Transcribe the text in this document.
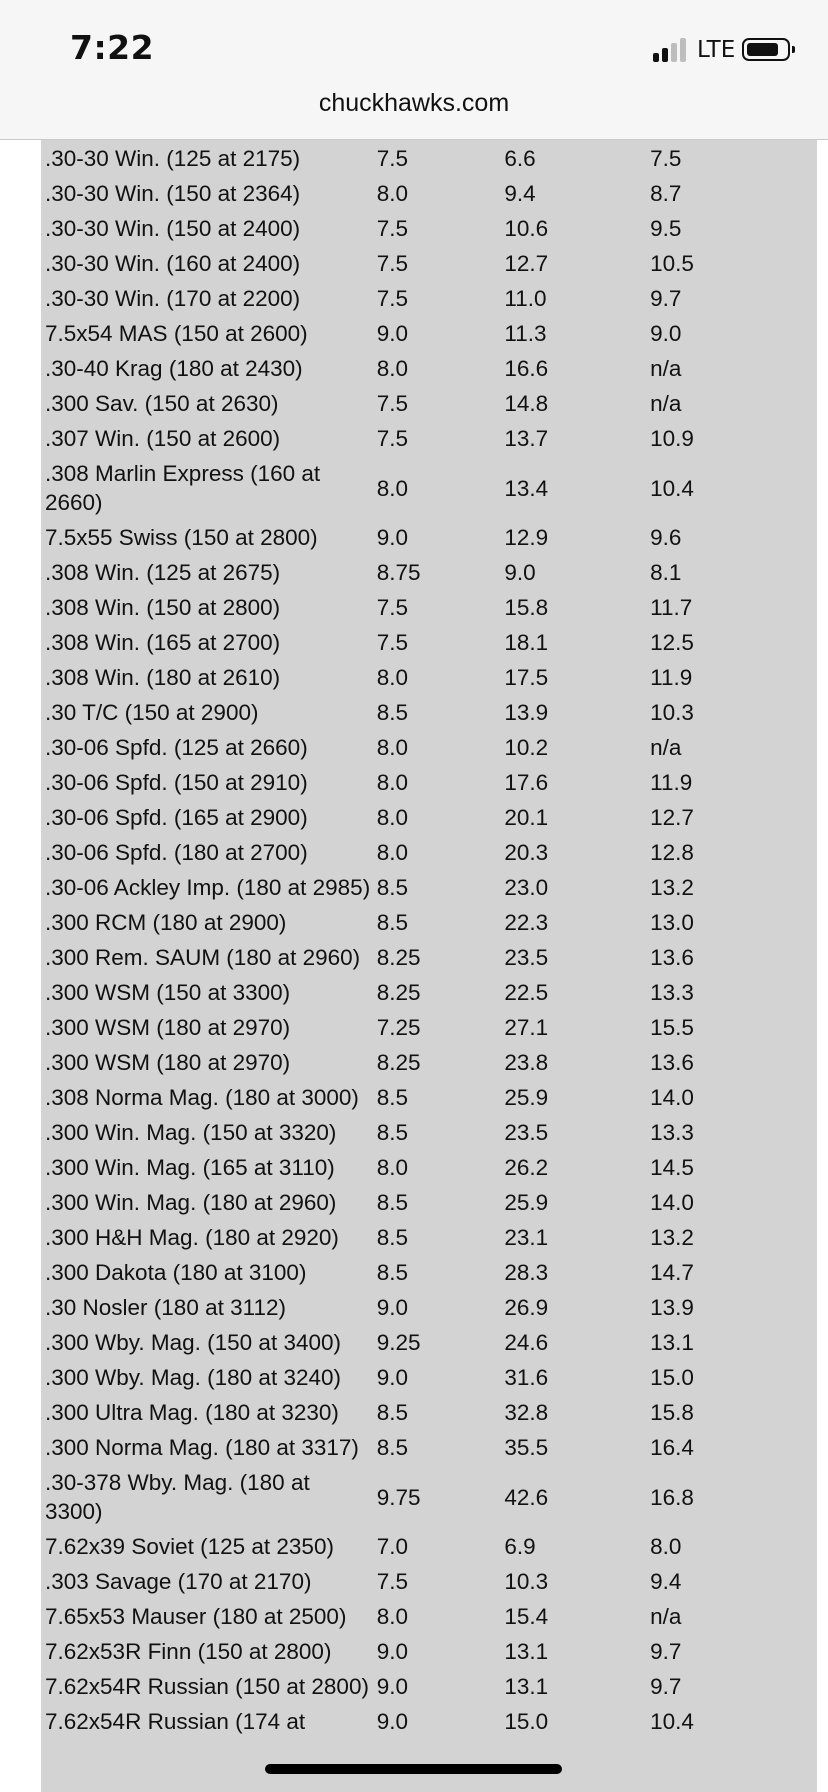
7:22	LTE
chuckhawks.com

.30-30 Win. (125 at 2175)	7.5	6.6	7.5
.30-30 Win. (150 at 2364)	8.0	9.4	8.7
.30-30 Win. (150 at 2400)	7.5	10.6	9.5
.30-30 Win. (160 at 2400)	7.5	12.7	10.5
.30-30 Win. (170 at 2200)	7.5	11.0	9.7
7.5x54 MAS (150 at 2600)	9.0	11.3	9.0
.30-40 Krag (180 at 2430)	8.0	16.6	n/a
.300 Sav. (150 at 2630)	7.5	14.8	n/a
.307 Win. (150 at 2600)	7.5	13.7	10.9
.308 Marlin Express (160 at 2660)	8.0	13.4	10.4
7.5x55 Swiss (150 at 2800)	9.0	12.9	9.6
.308 Win. (125 at 2675)	8.75	9.0	8.1
.308 Win. (150 at 2800)	7.5	15.8	11.7
.308 Win. (165 at 2700)	7.5	18.1	12.5
.308 Win. (180 at 2610)	8.0	17.5	11.9
.30 T/C (150 at 2900)	8.5	13.9	10.3
.30-06 Spfd. (125 at 2660)	8.0	10.2	n/a
.30-06 Spfd. (150 at 2910)	8.0	17.6	11.9
.30-06 Spfd. (165 at 2900)	8.0	20.1	12.7
.30-06 Spfd. (180 at 2700)	8.0	20.3	12.8
.30-06 Ackley Imp. (180 at 2985)	8.5	23.0	13.2
.300 RCM (180 at 2900)	8.5	22.3	13.0
.300 Rem. SAUM (180 at 2960)	8.25	23.5	13.6
.300 WSM (150 at 3300)	8.25	22.5	13.3
.300 WSM (180 at 2970)	7.25	27.1	15.5
.300 WSM (180 at 2970)	8.25	23.8	13.6
.308 Norma Mag. (180 at 3000)	8.5	25.9	14.0
.300 Win. Mag. (150 at 3320)	8.5	23.5	13.3
.300 Win. Mag. (165 at 3110)	8.0	26.2	14.5
.300 Win. Mag. (180 at 2960)	8.5	25.9	14.0
.300 H&H Mag. (180 at 2920)	8.5	23.1	13.2
.300 Dakota (180 at 3100)	8.5	28.3	14.7
.30 Nosler (180 at 3112)	9.0	26.9	13.9
.300 Wby. Mag. (150 at 3400)	9.25	24.6	13.1
.300 Wby. Mag. (180 at 3240)	9.0	31.6	15.0
.300 Ultra Mag. (180 at 3230)	8.5	32.8	15.8
.300 Norma Mag. (180 at 3317)	8.5	35.5	16.4
.30-378 Wby. Mag. (180 at 3300)	9.75	42.6	16.8
7.62x39 Soviet (125 at 2350)	7.0	6.9	8.0
.303 Savage (170 at 2170)	7.5	10.3	9.4
7.65x53 Mauser (180 at 2500)	8.0	15.4	n/a
7.62x53R Finn (150 at 2800)	9.0	13.1	9.7
7.62x54R Russian (150 at 2800)	9.0	13.1	9.7
7.62x54R Russian (174 at	9.0	15.0	10.4
